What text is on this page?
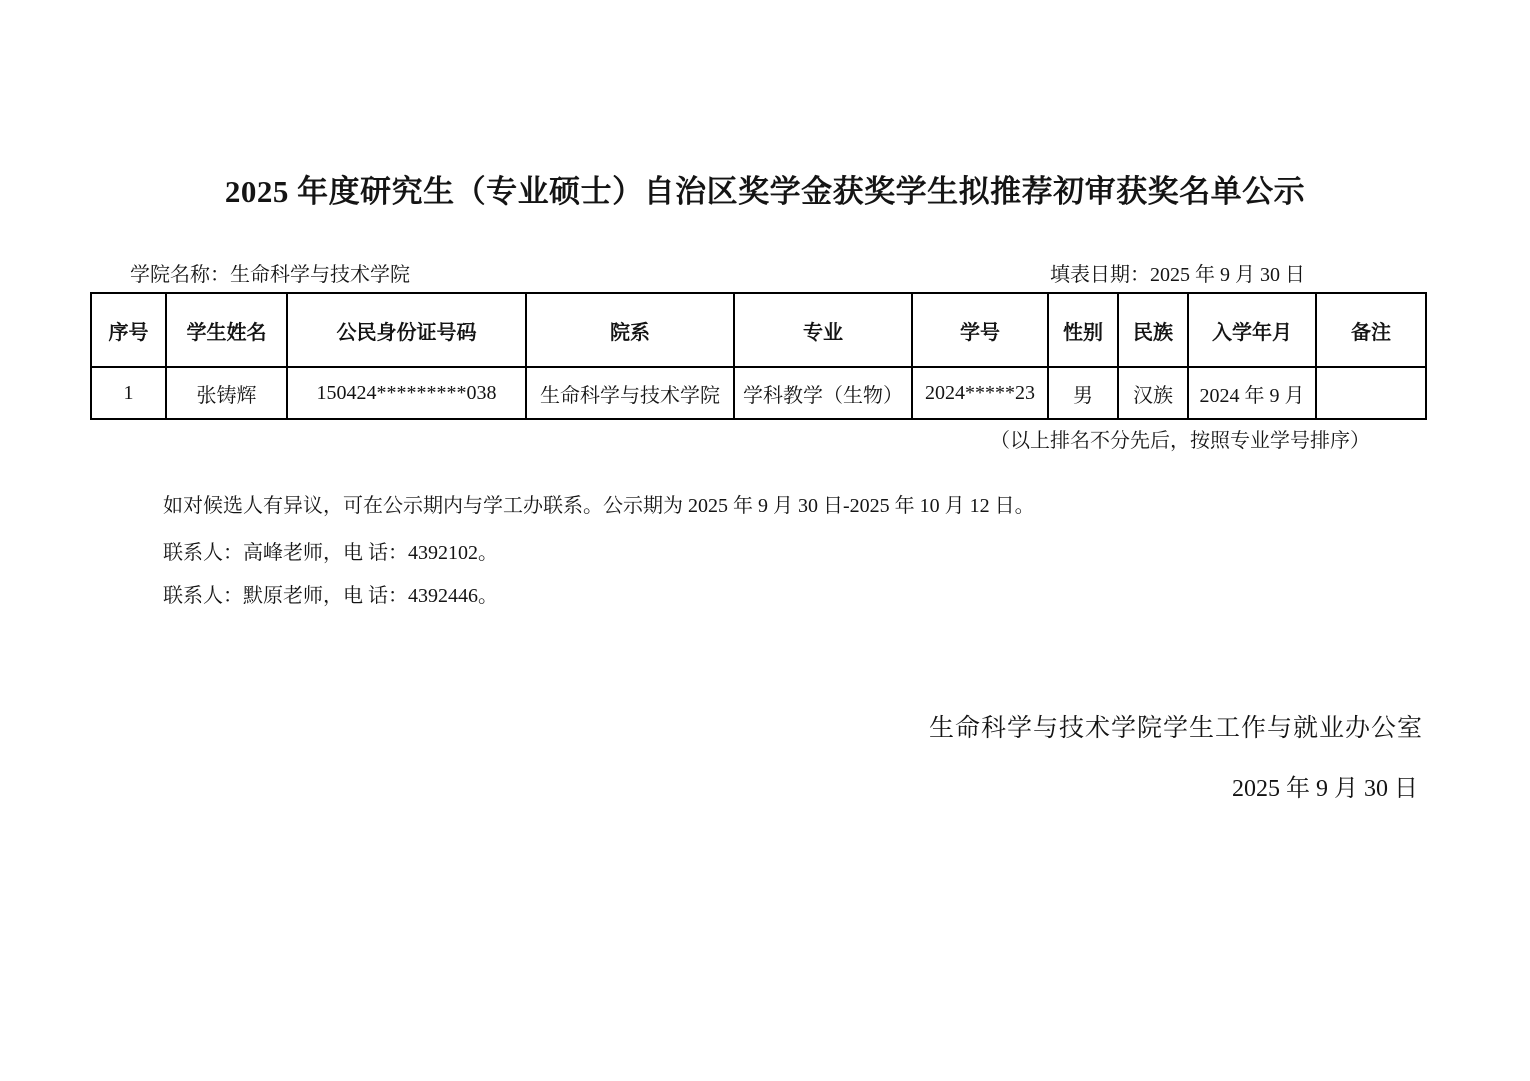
2025 年度研究生（专业硕士）自治区奖学金获奖学生拟推荐初审获奖名单公示
学院名称：生命科学与技术学院	填表日期：2025 年 9 月 30 日
序号	学生姓名	公民身份证号码	院系	专业	学号	性别	民族	入学年月	备注
1	张铸辉	150424*********038	生命科学与技术学院	学科教学（生物）	2024*****23	男	汉族	2024 年 9 月	
（以上排名不分先后，按照专业学号排序）
如对候选人有异议，可在公示期内与学工办联系。公示期为 2025 年 9 月 30 日-2025 年 10 月 12 日。
联系人：高峰老师，电 话：4392102。
联系人：默原老师，电 话：4392446。
生命科学与技术学院学生工作与就业办公室
2025 年 9 月 30 日
